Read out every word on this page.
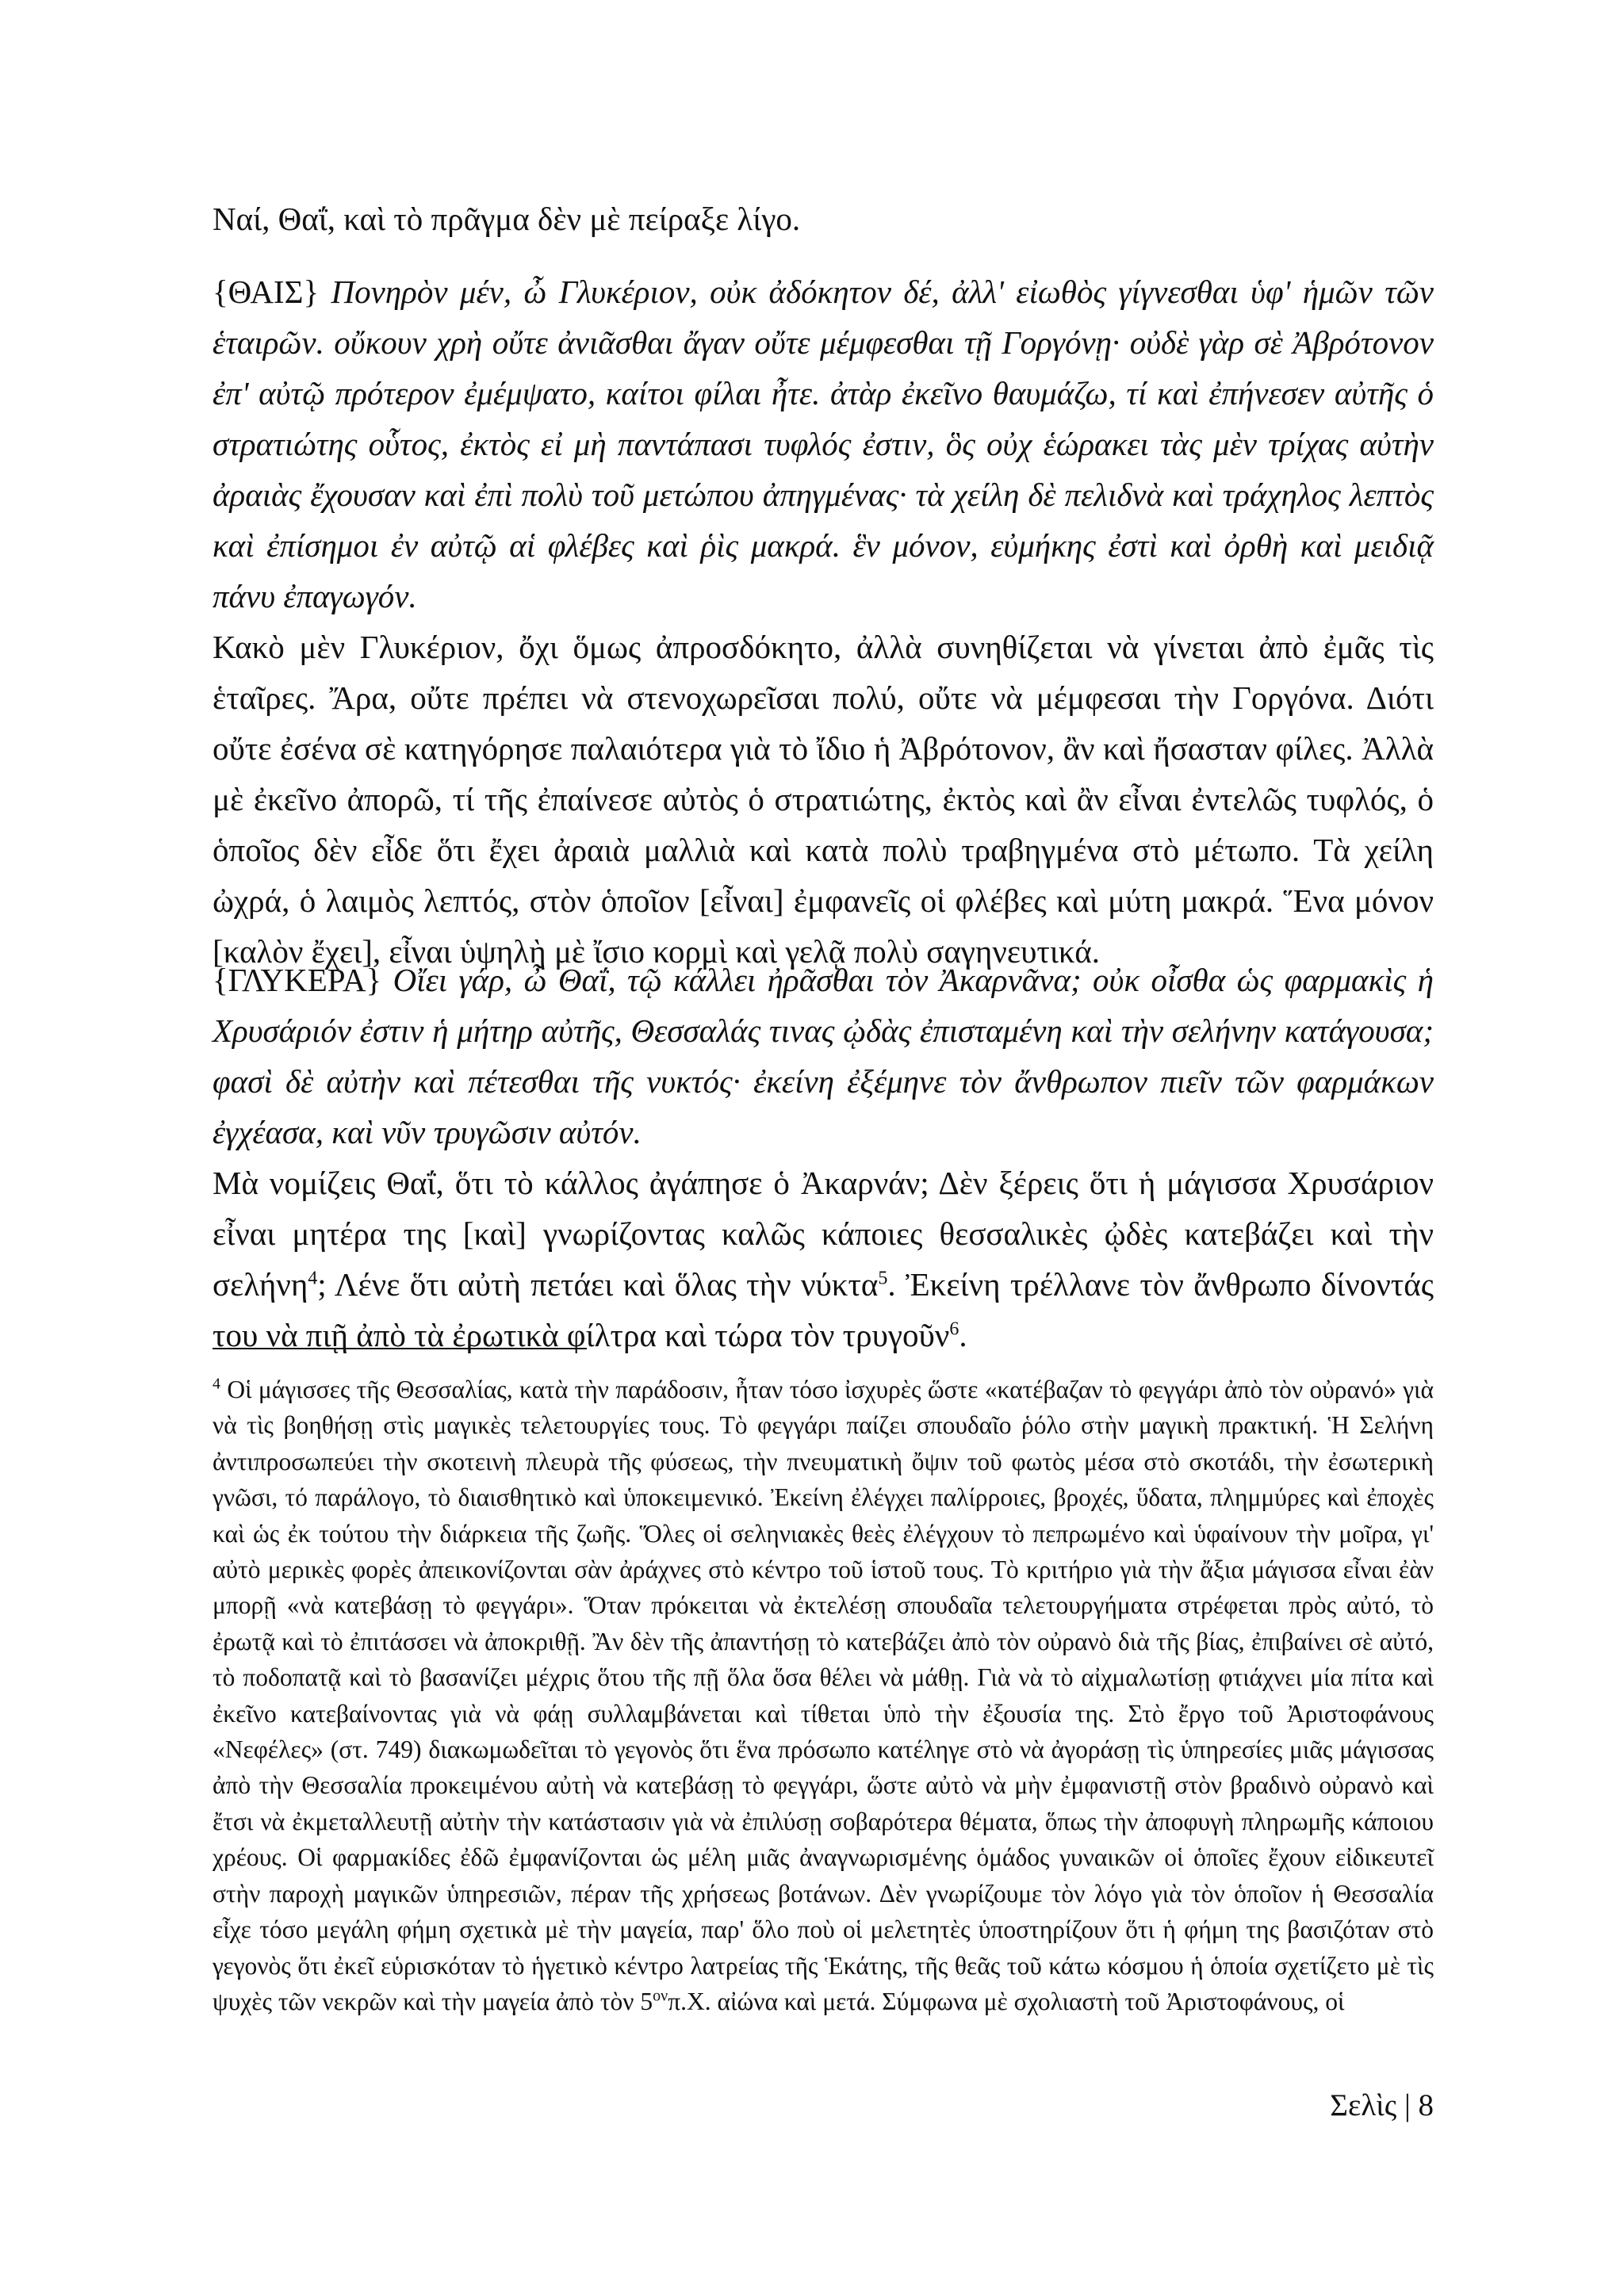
Ναί, Θαΐ, καὶ τὸ πρᾶγμα δὲν μὲ πείραξε λίγο.

{ΘΑΙΣ} Πονηρὸν μέν, ὦ Γλυκέριον, οὐκ ἀδόκητον δέ, ἀλλ' εἰωθὸς γίγνεσθαι ὑφ' ἡμῶν τῶν ἑταιρῶν. οὔκουν χρὴ οὔτε ἀνιᾶσθαι ἄγαν οὔτε μέμφεσθαι τῇ Γοργόνῃ· οὐδὲ γὰρ σὲ Ἀβρότονον ἐπ' αὐτῷ πρότερον ἐμέμψατο, καίτοι φίλαι ἦτε. ἀτὰρ ἐκεῖνο θαυμάζω, τί καὶ ἐπήνεσεν αὐτῆς ὁ στρατιώτης οὗτος, ἐκτὸς εἰ μὴ παντάπασι τυφλός ἐστιν, ὃς οὐχ ἑώρακει τὰς μὲν τρίχας αὐτὴν ἀραιὰς ἔχουσαν καὶ ἐπὶ πολὺ τοῦ μετώπου ἀπηγμένας· τὰ χείλη δὲ πελιδνὰ καὶ τράχηλος λεπτὸς καὶ ἐπίσημοι ἐν αὐτῷ αἱ φλέβες καὶ ῥὶς μακρά. ἓν μόνον, εὐμήκης ἐστὶ καὶ ὀρθὴ καὶ μειδιᾷ πάνυ ἐπαγωγόν.

Κακὸ μὲν Γλυκέριον, ὄχι ὅμως ἀπροσδόκητο, ἀλλὰ συνηθίζεται νὰ γίνεται ἀπὸ ἐμᾶς τὶς ἑταῖρες. Ἄρα, οὔτε πρέπει νὰ στενοχωρεῖσαι πολύ, οὔτε νὰ μέμφεσαι τὴν Γοργόνα. Διότι οὔτε ἐσένα σὲ κατηγόρησε παλαιότερα γιὰ τὸ ἴδιο ἡ Ἀβρότονον, ἂν καὶ ἤσασταν φίλες. Ἀλλὰ μὲ ἐκεῖνο ἀπορῶ, τί τῆς ἐπαίνεσε αὐτὸς ὁ στρατιώτης, ἐκτὸς καὶ ἂν εἶναι ἐντελῶς τυφλός, ὁ ὁποῖος δὲν εἶδε ὅτι ἔχει ἀραιὰ μαλλιὰ καὶ κατὰ πολὺ τραβηγμένα στὸ μέτωπο. Τὰ χείλη ὠχρά, ὁ λαιμὸς λεπτός, στὸν ὁποῖον [εἶναι] ἐμφανεῖς οἱ φλέβες καὶ μύτη μακρά. Ἕνα μόνον [καλὸν ἔχει], εἶναι ὑψηλὴ μὲ ἴσιο κορμὶ καὶ γελᾷ πολὺ σαγηνευτικά.

{ΓΛΥΚΕΡΑ} Οἴει γάρ, ὦ Θαΐ, τῷ κάλλει ἠρᾶσθαι τὸν Ἀκαρνᾶνα; οὐκ οἶσθα ὡς φαρμακὶς ἡ Χρυσάριόν ἐστιν ἡ μήτηρ αὐτῆς, Θεσσαλάς τινας ᾠδὰς ἐπισταμένη καὶ τὴν σελήνην κατάγουσα; φασὶ δὲ αὐτὴν καὶ πέτεσθαι τῆς νυκτός· ἐκείνη ἐξέμηνε τὸν ἄνθρωπον πιεῖν τῶν φαρμάκων ἐγχέασα, καὶ νῦν τρυγῶσιν αὐτόν.

Μὰ νομίζεις Θαΐ, ὅτι τὸ κάλλος ἀγάπησε ὁ Ἀκαρνάν; Δὲν ξέρεις ὅτι ἡ μάγισσα Χρυσάριον εἶναι μητέρα της [καὶ] γνωρίζοντας καλῶς κάποιες θεσσαλικὲς ᾠδὲς κατεβάζει καὶ τὴν σελήνη$^4$; Λένε ὅτι αὐτὴ πετάει καὶ ὅλας τὴν νύκτα$^5$. Ἐκείνη τρέλλανε τὸν ἄνθρωπο δίνοντάς του νὰ πιῇ ἀπὸ τὰ ἐρωτικὰ φίλτρα καὶ τώρα τὸν τρυγοῦν$^6$.

$^4$ Οἱ μάγισσες τῆς Θεσσαλίας, κατὰ τὴν παράδοσιν, ἦταν τόσο ἰσχυρὲς ὥστε «κατέβαζαν τὸ φεγγάρι ἀπὸ τὸν οὐρανό» γιὰ νὰ τὶς βοηθήσῃ στὶς μαγικὲς τελετουργίες τους. Τὸ φεγγάρι παίζει σπουδαῖο ῥόλο στὴν μαγικὴ πρακτική. Ἡ Σελήνη ἀντιπροσωπεύει τὴν σκοτεινὴ πλευρὰ τῆς φύσεως, τὴν πνευματικὴ ὄψιν τοῦ φωτὸς μέσα στὸ σκοτάδι, τὴν ἐσωτερικὴ γνῶσι, τό παράλογο, τὸ διαισθητικὸ καὶ ὑποκειμενικό. Ἐκείνη ἐλέγχει παλίρροιες, βροχές, ὕδατα, πλημμύρες καὶ ἐποχὲς καὶ ὡς ἐκ τούτου τὴν διάρκεια τῆς ζωῆς. Ὅλες οἱ σεληνιακὲς θεὲς ἐλέγχουν τὸ πεπρωμένο καὶ ὑφαίνουν τὴν μοῖρα, γι' αὐτὸ μερικὲς φορὲς ἀπεικονίζονται σὰν ἀράχνες στὸ κέντρο τοῦ ἱστοῦ τους. Τὸ κριτήριο γιὰ τὴν ἄξια μάγισσα εἶναι ἐὰν μπορῇ «νὰ κατεβάσῃ τὸ φεγγάρι». Ὅταν πρόκειται νὰ ἐκτελέσῃ σπουδαῖα τελετουργήματα στρέφεται πρὸς αὐτό, τὸ ἐρωτᾷ καὶ τὸ ἐπιτάσσει νὰ ἀποκριθῇ. Ἂν δὲν τῆς ἀπαντήσῃ τὸ κατεβάζει ἀπὸ τὸν οὐρανὸ διὰ τῆς βίας, ἐπιβαίνει σὲ αὐτό, τὸ ποδοπατᾷ καὶ τὸ βασανίζει μέχρις ὅτου τῆς πῇ ὅλα ὅσα θέλει νὰ μάθῃ. Γιὰ νὰ τὸ αἰχμαλωτίσῃ φτιάχνει μία πίτα καὶ ἐκεῖνο κατεβαίνοντας γιὰ νὰ φάῃ συλλαμβάνεται καὶ τίθεται ὑπὸ τὴν ἐξουσία της. Στὸ ἔργο τοῦ Ἀριστοφάνους «Νεφέλες» (στ. 749) διακωμωδεῖται τὸ γεγονὸς ὅτι ἕνα πρόσωπο κατέληγε στὸ νὰ ἀγοράσῃ τὶς ὑπηρεσίες μιᾶς μάγισσας ἀπὸ τὴν Θεσσαλία προκειμένου αὐτὴ νὰ κατεβάσῃ τὸ φεγγάρι, ὥστε αὐτὸ νὰ μὴν ἐμφανιστῇ στὸν βραδινὸ οὐρανὸ καὶ ἔτσι νὰ ἐκμεταλλευτῇ αὐτὴν τὴν κατάστασιν γιὰ νὰ ἐπιλύσῃ σοβαρότερα θέματα, ὅπως τὴν ἀποφυγὴ πληρωμῆς κάποιου χρέους. Οἱ φαρμακίδες ἐδῶ ἐμφανίζονται ὡς μέλη μιᾶς ἀναγνωρισμένης ὁμάδος γυναικῶν οἱ ὁποῖες ἔχουν εἰδικευτεῖ στὴν παροχὴ μαγικῶν ὑπηρεσιῶν, πέραν τῆς χρήσεως βοτάνων. Δὲν γνωρίζουμε τὸν λόγο γιὰ τὸν ὁποῖον ἡ Θεσσαλία εἶχε τόσο μεγάλη φήμη σχετικὰ μὲ τὴν μαγεία, παρ' ὅλο ποὺ οἱ μελετητὲς ὑποστηρίζουν ὅτι ἡ φήμη της βασιζόταν στὸ γεγονὸς ὅτι ἐκεῖ εὑρισκόταν τὸ ἡγετικὸ κέντρο λατρείας τῆς Ἑκάτης, τῆς θεᾶς τοῦ κάτω κόσμου ἡ ὁποία σχετίζετο μὲ τὶς ψυχὲς τῶν νεκρῶν καὶ τὴν μαγεία ἀπὸ τὸν $5^{o\nu}\pi.X$. αἰώνα καὶ μετά. Σύμφωνα μὲ σχολιαστὴ τοῦ Ἀριστοφάνους, οἱ

Σελὶς | 8
